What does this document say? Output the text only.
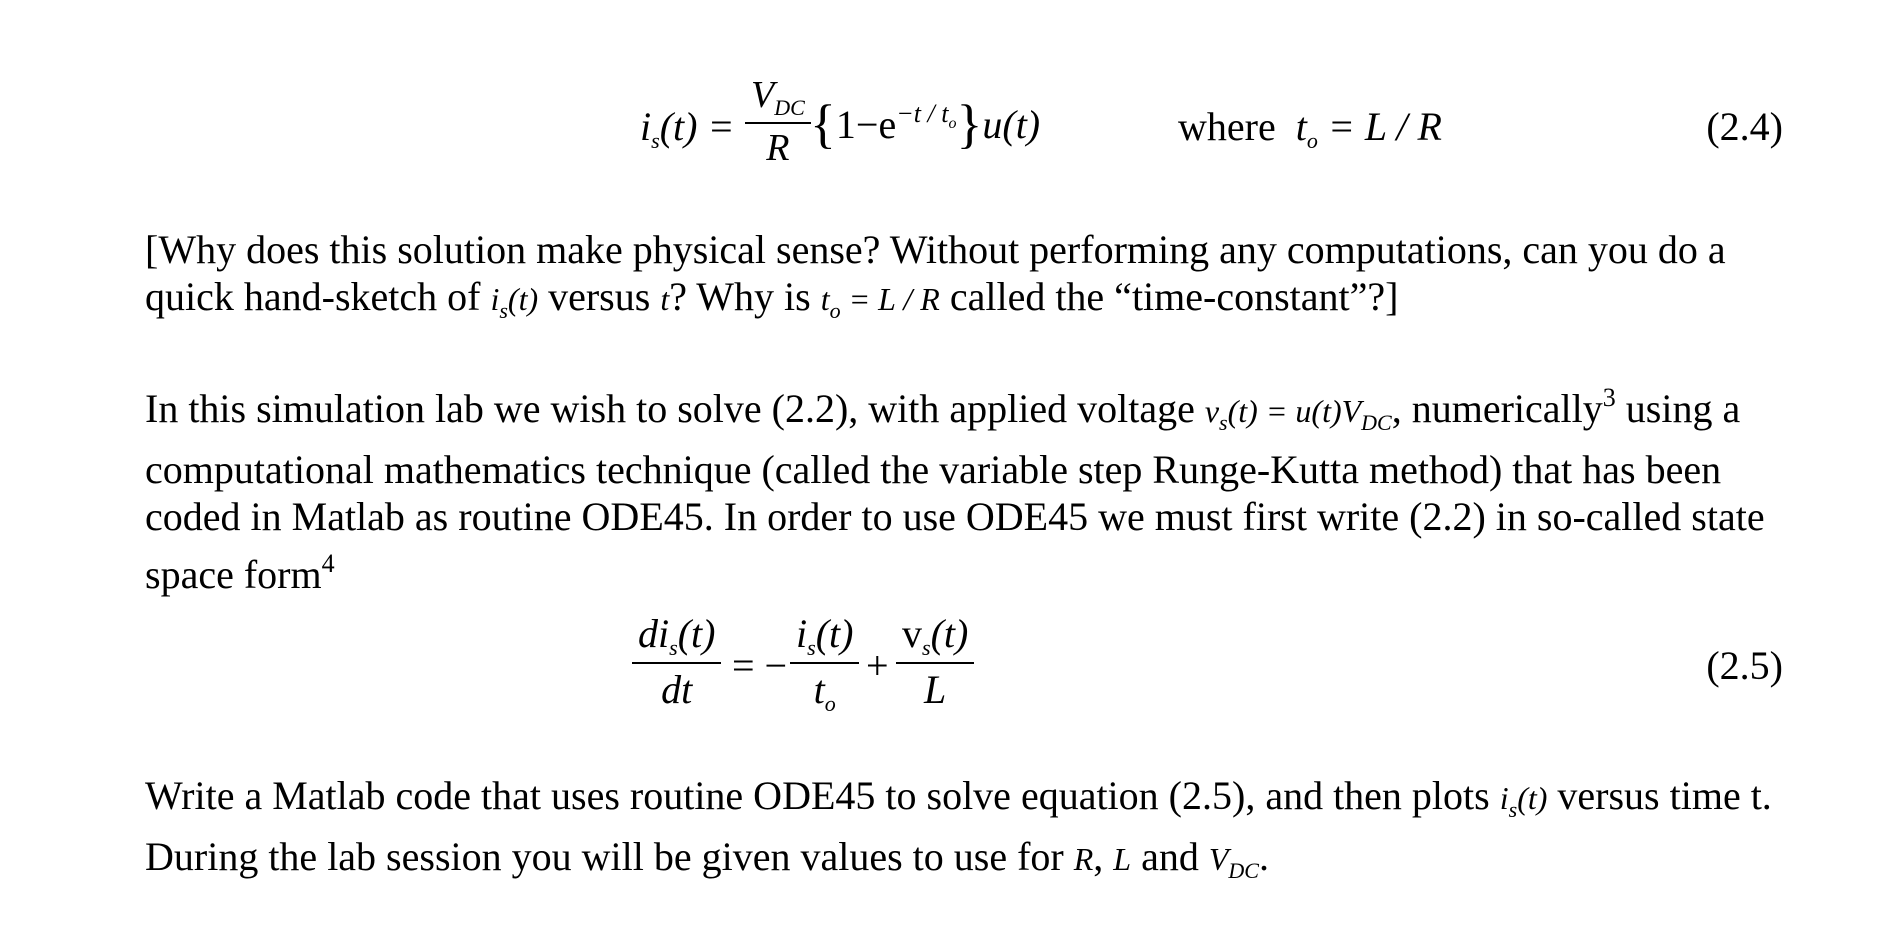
$i_s(t)$ =
$V_{DC}$
R $\{1-e^{-t / t_o}\}u(t)$	where $t_o = L / R$	(2.4)

[Why does this solution make physical sense? Without performing any computations, can you do a

quick hand-sketch of $i_s(t)$ versus t? Why is $t_o = L / R$ called the “time-constant”?]

In this simulation lab we wish to solve (2.2), with applied voltage $v_s(t) = u(t)V_{DC}$, numerically$^3$ using a

computational mathematics technique (called the variable step Runge-Kutta method) that has been

coded in Matlab as routine ODE45. In order to use ODE45 we must first write (2.2) in so-called state

space form$^4$

$di_s(t)$
dt
= − $\frac{i_s(t)}{t_o} + \frac{v_s(t)}{L}$	(2.5)

Write a Matlab code that uses routine ODE45 to solve equation (2.5), and then plots $i_s(t)$ versus time t.

During the lab session you will be given values to use for R, L and $V_{DC}$.
